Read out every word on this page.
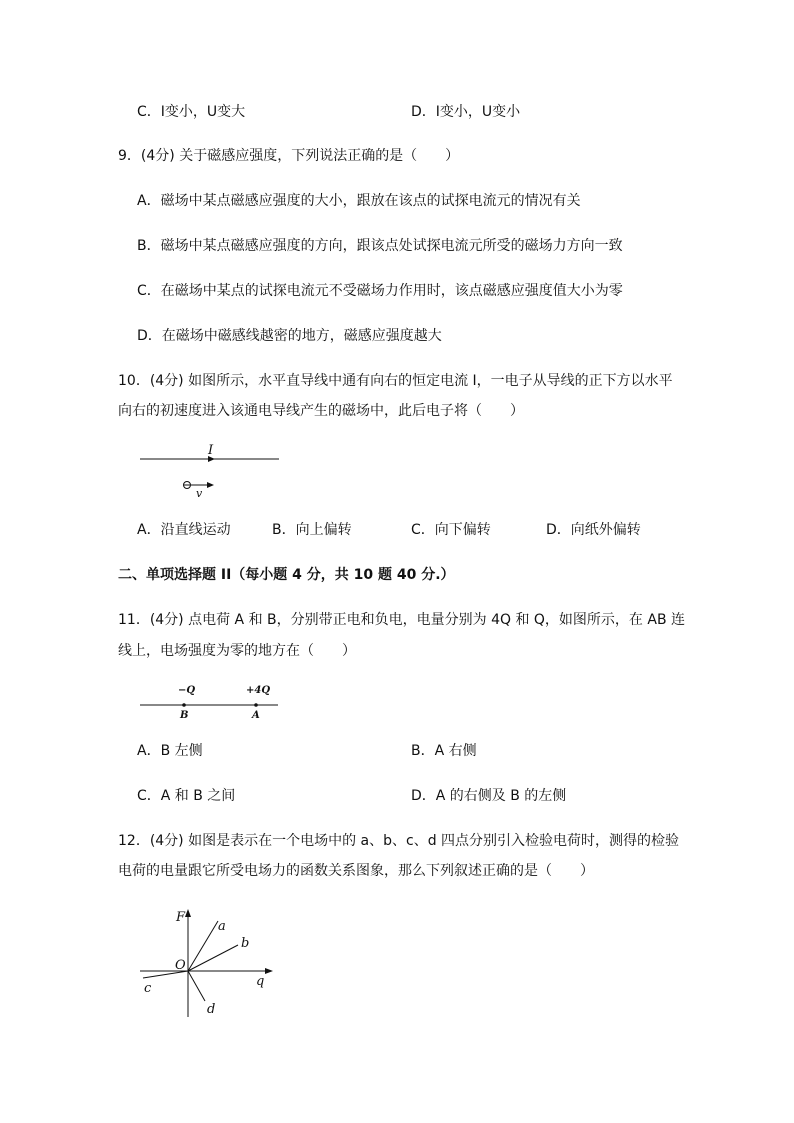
C．I变小，U变大	D．I变小，U变小
9．(4分) 关于磁感应强度，下列说法正确的是（　　）
A．磁场中某点磁感应强度的大小，跟放在该点的试探电流元的情况有关
B．磁场中某点磁感应强度的方向，跟该点处试探电流元所受的磁场力方向一致
C．在磁场中某点的试探电流元不受磁场力作用时，该点磁感应强度值大小为零
D．在磁场中磁感线越密的地方，磁感应强度越大
10．(4分) 如图所示，水平直导线中通有向右的恒定电流 I，一电子从导线的正下方以水平
向右的初速度进入该通电导线产生的磁场中，此后电子将（　　）
I
v
A．沿直线运动	B．向上偏转	C．向下偏转	D．向纸外偏转
二、单项选择题 II（每小题 4 分，共 10 题 40 分.）
11．(4分) 点电荷 A 和 B，分别带正电和负电，电量分别为 4Q 和 Q，如图所示，在 AB 连
线上，电场强度为零的地方在（　　）
−Q	+4Q
B	A
A．B 左侧	B．A 右侧
C．A 和 B 之间	D．A 的右侧及 B 的左侧
12．(4分) 如图是表示在一个电场中的 a、b、c、d 四点分别引入检验电荷时，测得的检验
电荷的电量跟它所受电场力的函数关系图象，那么下列叙述正确的是（　　）
F
q
O
a
b
c
d
